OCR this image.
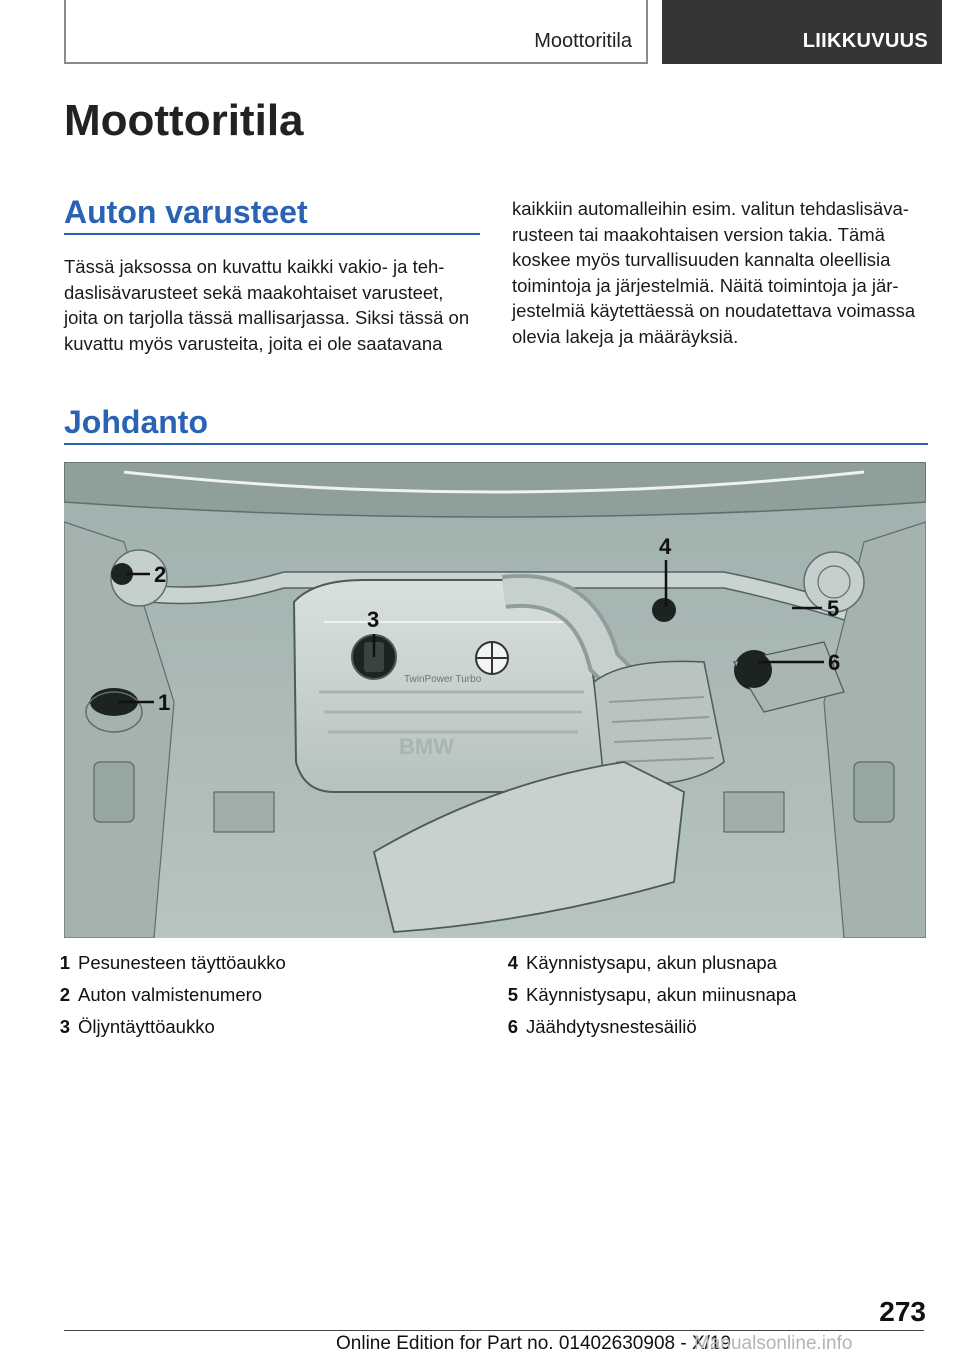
Moottoritila	LIIKKUVUUS
Moottoritila
Auton varusteet

Tässä jaksossa on kuvattu kaikki vakio- ja teh‐
daslisävarusteet sekä maakohtaiset varusteet,
joita on tarjolla tässä mallisarjassa. Siksi tässä on
kuvattu myös varusteita, joita ei ole saatavana

kaikkiin automalleihin esim. valitun tehdaslisäva‐
rusteen tai maakohtaisen version takia. Tämä
koskee myös turvallisuuden kannalta oleellisia
toimintoja ja järjestelmiä. Näitä toimintoja ja jär‐
jestelmiä käytettäessä on noudatettava voimassa
olevia lakeja ja määräyksiä.

Johdanto
TwinPower Turbo
BMW
2
1
3
4
5
6
1 Pesunesteen täyttöaukko
2 Auton valmistenumero
3 Öljyntäyttöaukko
4 Käynnistysapu, akun plusnapa
5 Käynnistysapu, akun miinusnapa
6 Jäähdytysnestesäiliö
273
Online Edition for Part no. 01402630908 - X/19
Manualsonline.info
